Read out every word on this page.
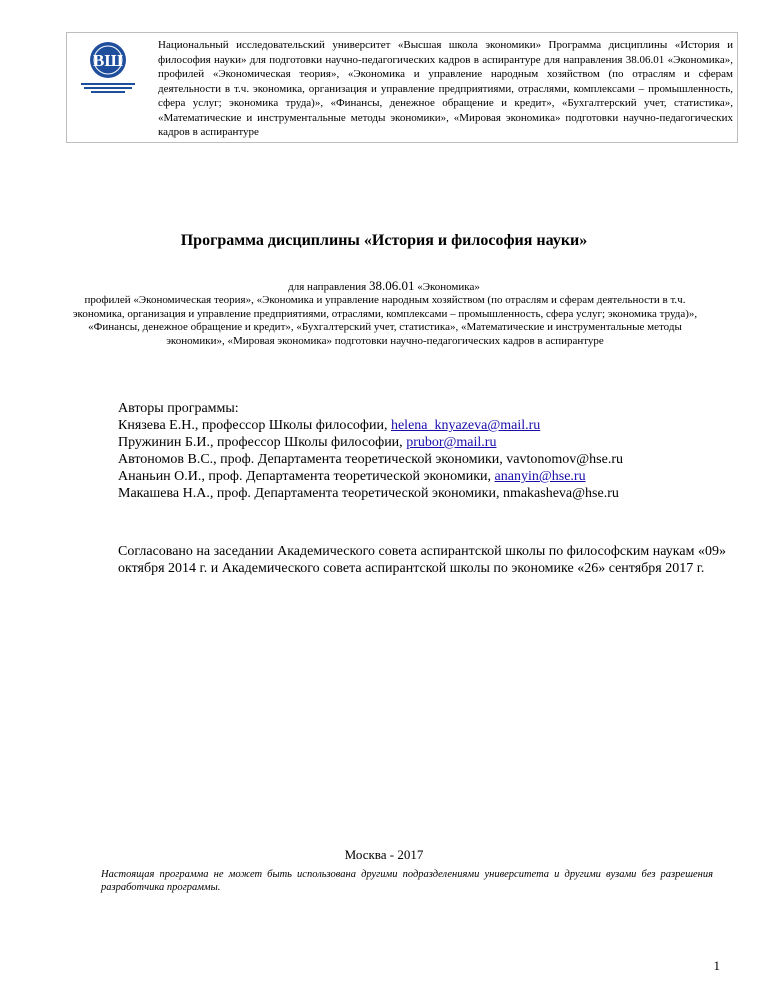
ВШ
Национальный исследовательский университет «Высшая школа экономики» Программа дисциплины «История и философия науки» для подготовки научно-педагогических кадров в аспирантуре для направления 38.06.01 «Экономика», профилей «Экономическая теория», «Экономика и управление народным хозяйством (по отраслям и сферам деятельности в т.ч. экономика, организация и управление предприятиями, отраслями, комплексами – промышленность, сфера услуг; экономика труда)», «Финансы, денежное обращение и кредит», «Бухгалтерский учет, статистика», «Математические и инструментальные методы экономики», «Мировая экономика» подготовки научно-педагогических кадров в аспирантуре
Программа дисциплины «История и философия науки»
для направления 38.06.01 «Экономика»
профилей «Экономическая теория», «Экономика и управление народным хозяйством (по отраслям и сферам деятельности в т.ч. экономика, организация и управление предприятиями, отраслями, комплексами – промышленность, сфера услуг; экономика труда)», «Финансы, денежное обращение и кредит», «Бухгалтерский учет, статистика», «Математические и инструментальные методы экономики», «Мировая экономика» подготовки научно-педагогических кадров в аспирантуре
Авторы программы:
Князева Е.Н., профессор Школы философии, helena_knyazeva@mail.ru
Пружинин Б.И., профессор Школы философии, prubor@mail.ru
Автономов В.С., проф. Департамента теоретической экономики, vavtonomov@hse.ru
Ананьин О.И., проф. Департамента теоретической экономики, ananyin@hse.ru
Макашева Н.А., проф. Департамента теоретической экономики, nmakasheva@hse.ru
Согласовано на заседании Академического совета аспирантской школы по философским наукам «09» октября 2014 г. и Академического совета аспирантской школы по экономике «26» сентября 2017 г.
Москва - 2017
Настоящая программа не может быть использована другими подразделениями университета и другими вузами без разрешения разработчика программы.
1
